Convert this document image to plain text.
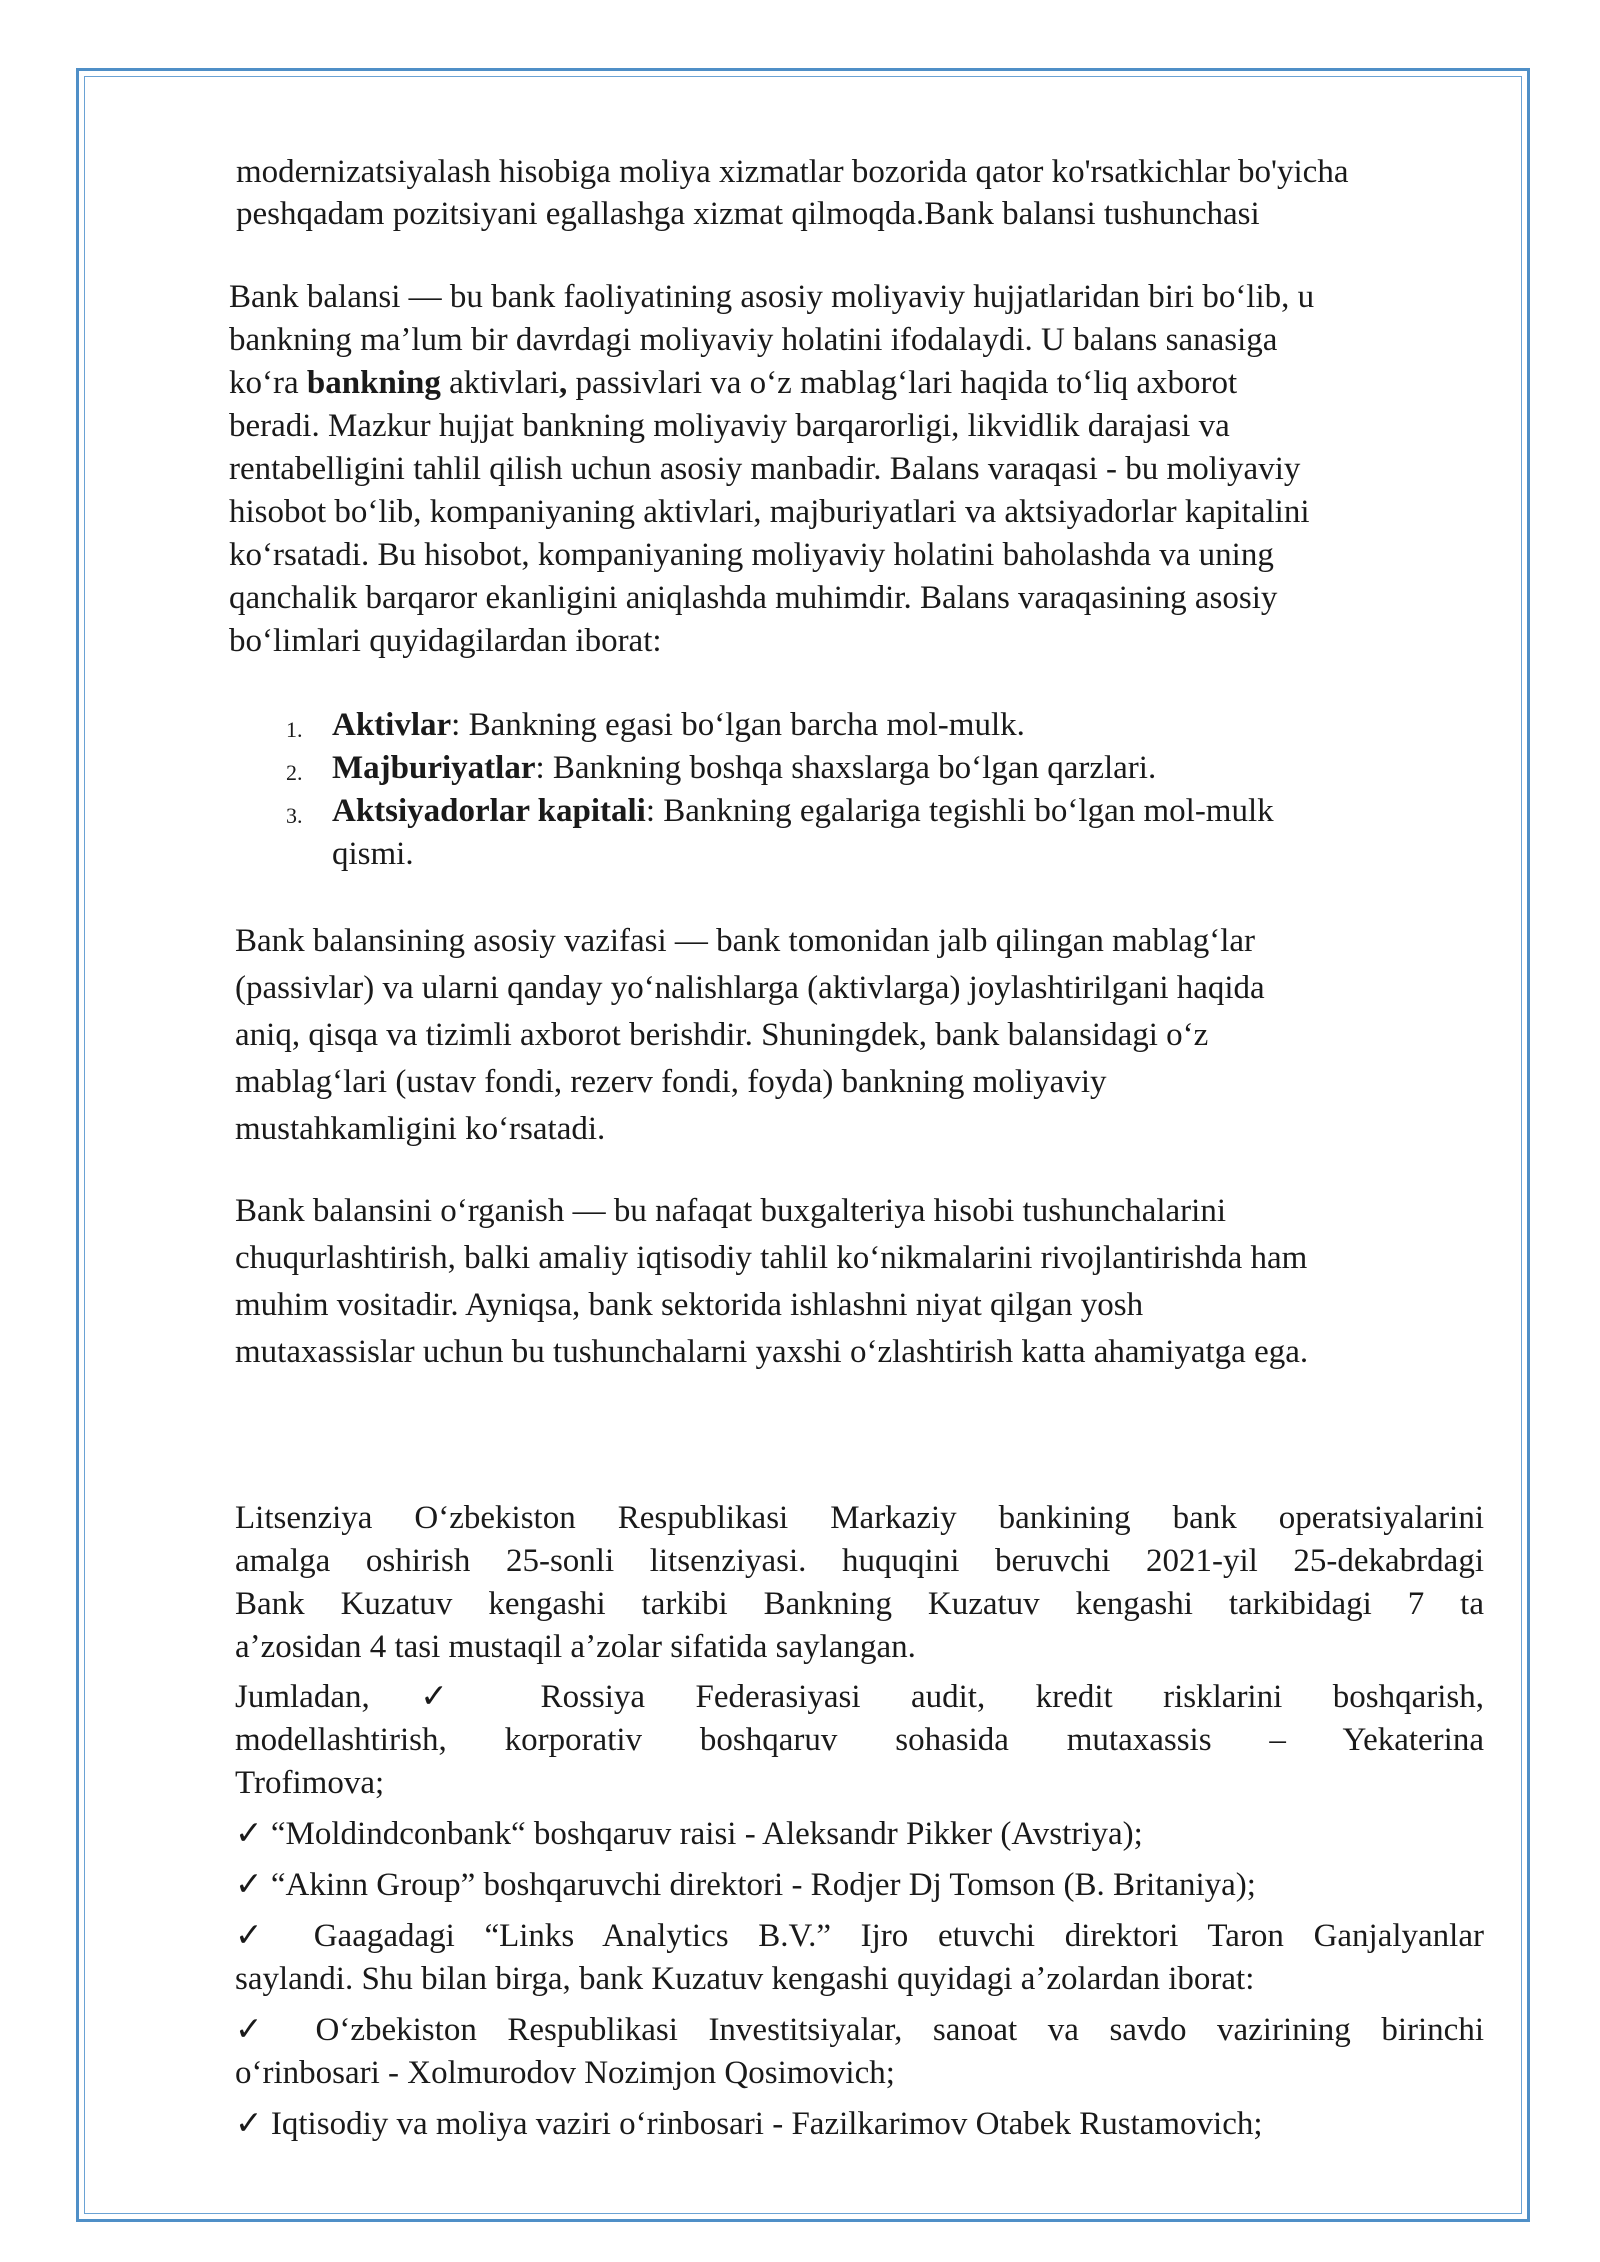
modernizatsiyalash hisobiga moliya xizmatlar bozorida qator ko'rsatkichlar bo'yicha

peshqadam pozitsiyani egallashga xizmat qilmoqda.Bank balansi tushunchasi

Bank balansi — bu bank faoliyatining asosiy moliyaviy hujjatlaridan biri boʻlib, u

bankning maʼlum bir davrdagi moliyaviy holatini ifodalaydi. U balans sanasiga

koʻra bankning aktivlari, passivlari va oʻz mablagʻlari haqida toʻliq axborot

beradi. Mazkur hujjat bankning moliyaviy barqarorligi, likvidlik darajasi va

rentabelligini tahlil qilish uchun asosiy manbadir. Balans varaqasi - bu moliyaviy

hisobot boʻlib, kompaniyaning aktivlari, majburiyatlari va aktsiyadorlar kapitalini

koʻrsatadi. Bu hisobot, kompaniyaning moliyaviy holatini baholashda va uning

qanchalik barqaror ekanligini aniqlashda muhimdir. Balans varaqasining asosiy

boʻlimlari quyidagilardan iborat:

1. Aktivlar: Bankning egasi boʻlgan barcha mol-mulk.
2. Majburiyatlar: Bankning boshqa shaxslarga boʻlgan qarzlari.
3. Aktsiyadorlar kapitali: Bankning egalariga tegishli boʻlgan mol-mulk
qismi.

Bank balansining asosiy vazifasi — bank tomonidan jalb qilingan mablagʻlar

(passivlar) va ularni qanday yoʻnalishlarga (aktivlarga) joylashtirilgani haqida

aniq, qisqa va tizimli axborot berishdir. Shuningdek, bank balansidagi oʻz

mablagʻlari (ustav fondi, rezerv fondi, foyda) bankning moliyaviy

mustahkamligini koʻrsatadi.

Bank balansini oʻrganish — bu nafaqat buxgalteriya hisobi tushunchalarini

chuqurlashtirish, balki amaliy iqtisodiy tahlil koʻnikmalarini rivojlantirishda ham

muhim vositadir. Ayniqsa, bank sektorida ishlashni niyat qilgan yosh

mutaxassislar uchun bu tushunchalarni yaxshi oʻzlashtirish katta ahamiyatga ega.

Litsenziya Oʻzbekiston Respublikasi Markaziy bankining bank operatsiyalarini

amalga oshirish 25-sonli litsenziyasi. huquqini beruvchi 2021-yil 25-dekabrdagi

Bank Kuzatuv kengashi tarkibi Bankning Kuzatuv kengashi tarkibidagi 7 ta

aʼzosidan 4 tasi mustaqil aʼzolar sifatida saylangan.

Jumladan, ✓ Rossiya Federasiyasi audit, kredit risklarini boshqarish,

modellashtirish, korporativ boshqaruv sohasida mutaxassis – Yekaterina

Trofimova;

✓ “Moldindconbank“ boshqaruv raisi - Aleksandr Pikker (Avstriya);

✓ “Akinn Group” boshqaruvchi direktori - Rodjer Dj Tomson (B. Britaniya);

✓ Gaagadagi “Links Analytics B.V.” Ijro etuvchi direktori Taron Ganjalyanlar

saylandi. Shu bilan birga, bank Kuzatuv kengashi quyidagi aʼzolardan iborat:

✓ Oʻzbekiston Respublikasi Investitsiyalar, sanoat va savdo vazirining birinchi

oʻrinbosari - Xolmurodov Nozimjon Qosimovich;

✓ Iqtisodiy va moliya vaziri oʻrinbosari - Fazilkarimov Otabek Rustamovich;
